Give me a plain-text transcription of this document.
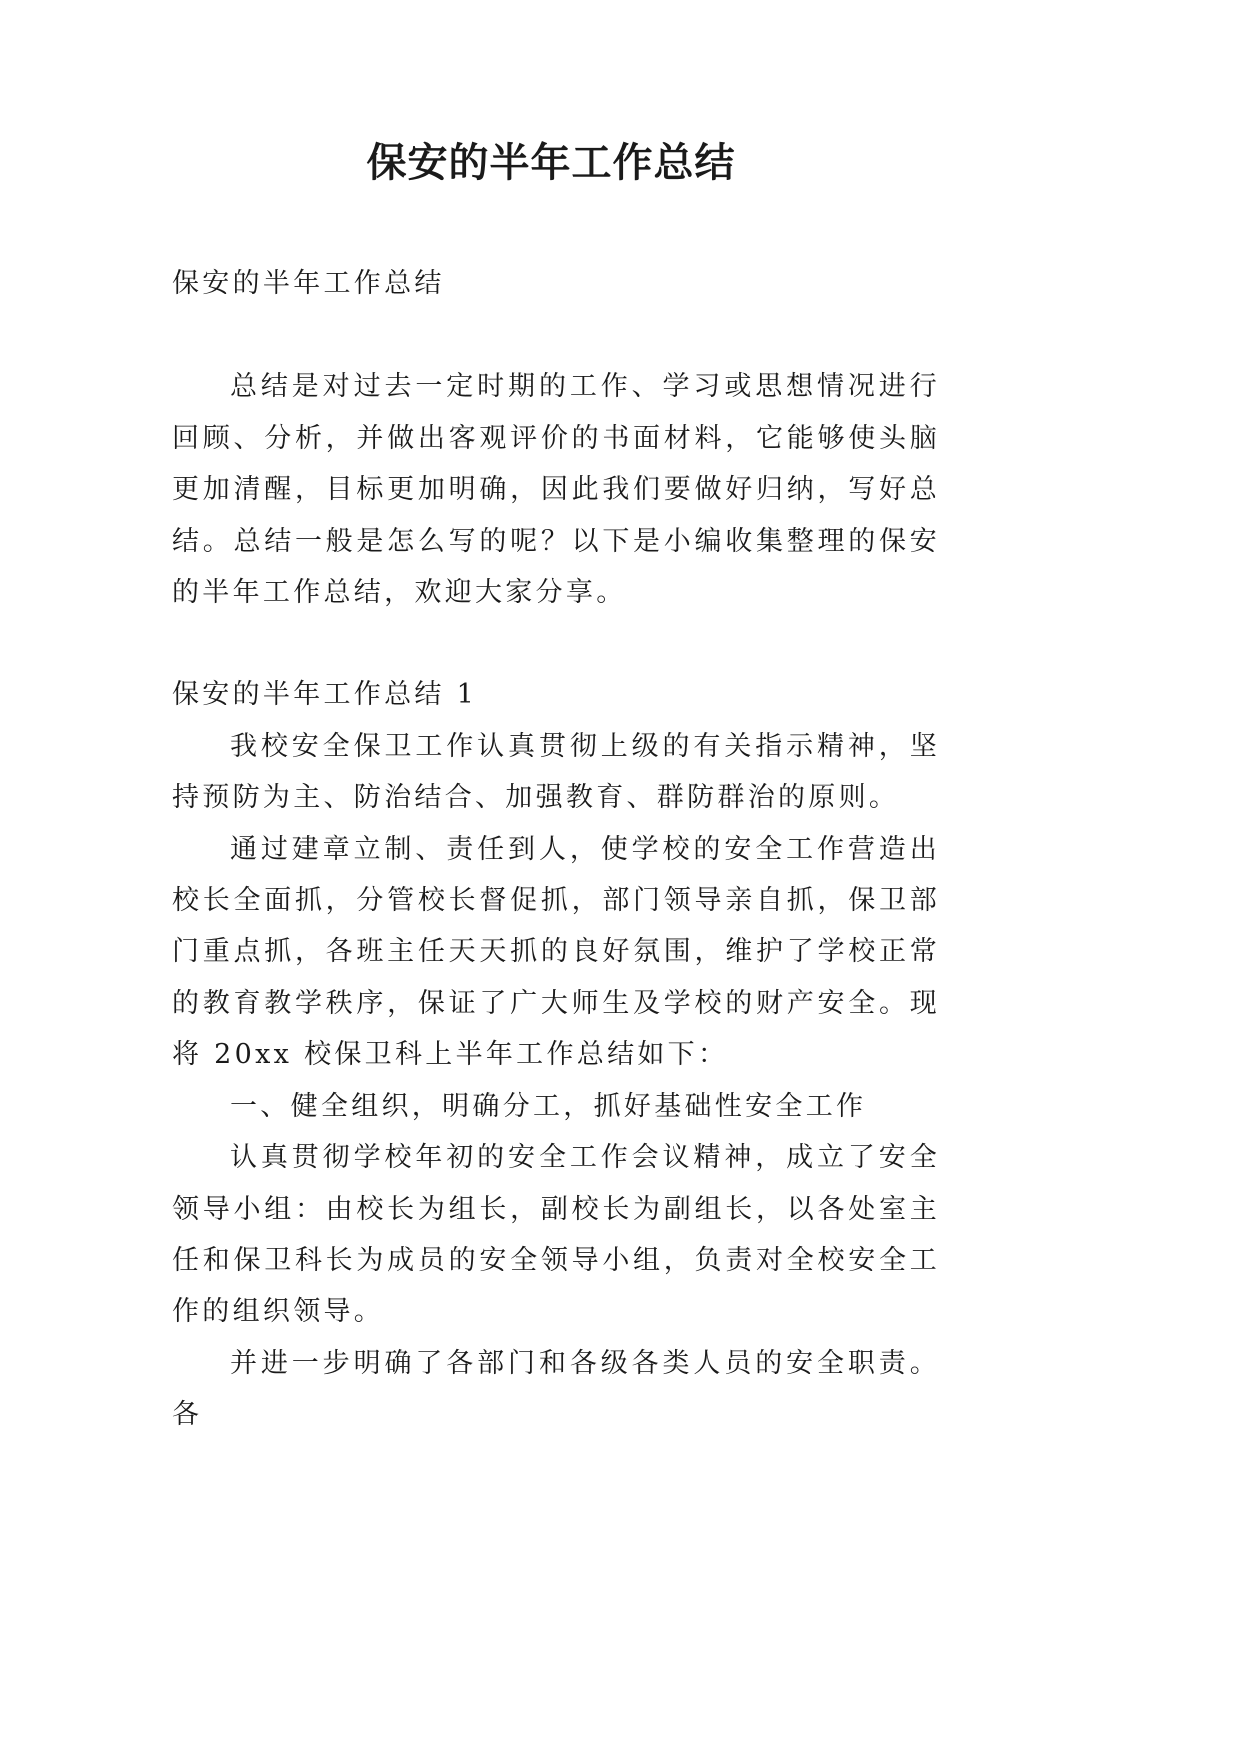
保安的半年工作总结

保安的半年工作总结

总结是对过去一定时期的工作、学习或思想情况进行回顾、分析，并做出客观评价的书面材料，它能够使头脑更加清醒，目标更加明确，因此我们要做好归纳，写好总结。总结一般是怎么写的呢？以下是小编收集整理的保安的半年工作总结，欢迎大家分享。

保安的半年工作总结 1

我校安全保卫工作认真贯彻上级的有关指示精神，坚持预防为主、防治结合、加强教育、群防群治的原则。

通过建章立制、责任到人，使学校的安全工作营造出校长全面抓，分管校长督促抓，部门领导亲自抓，保卫部门重点抓，各班主任天天抓的良好氛围，维护了学校正常的教育教学秩序，保证了广大师生及学校的财产安全。现将 20xx 校保卫科上半年工作总结如下：

一、健全组织，明确分工，抓好基础性安全工作

认真贯彻学校年初的安全工作会议精神，成立了安全领导小组：由校长为组长，副校长为副组长，以各处室主任和保卫科长为成员的安全领导小组，负责对全校安全工作的组织领导。

并进一步明确了各部门和各级各类人员的安全职责。各
